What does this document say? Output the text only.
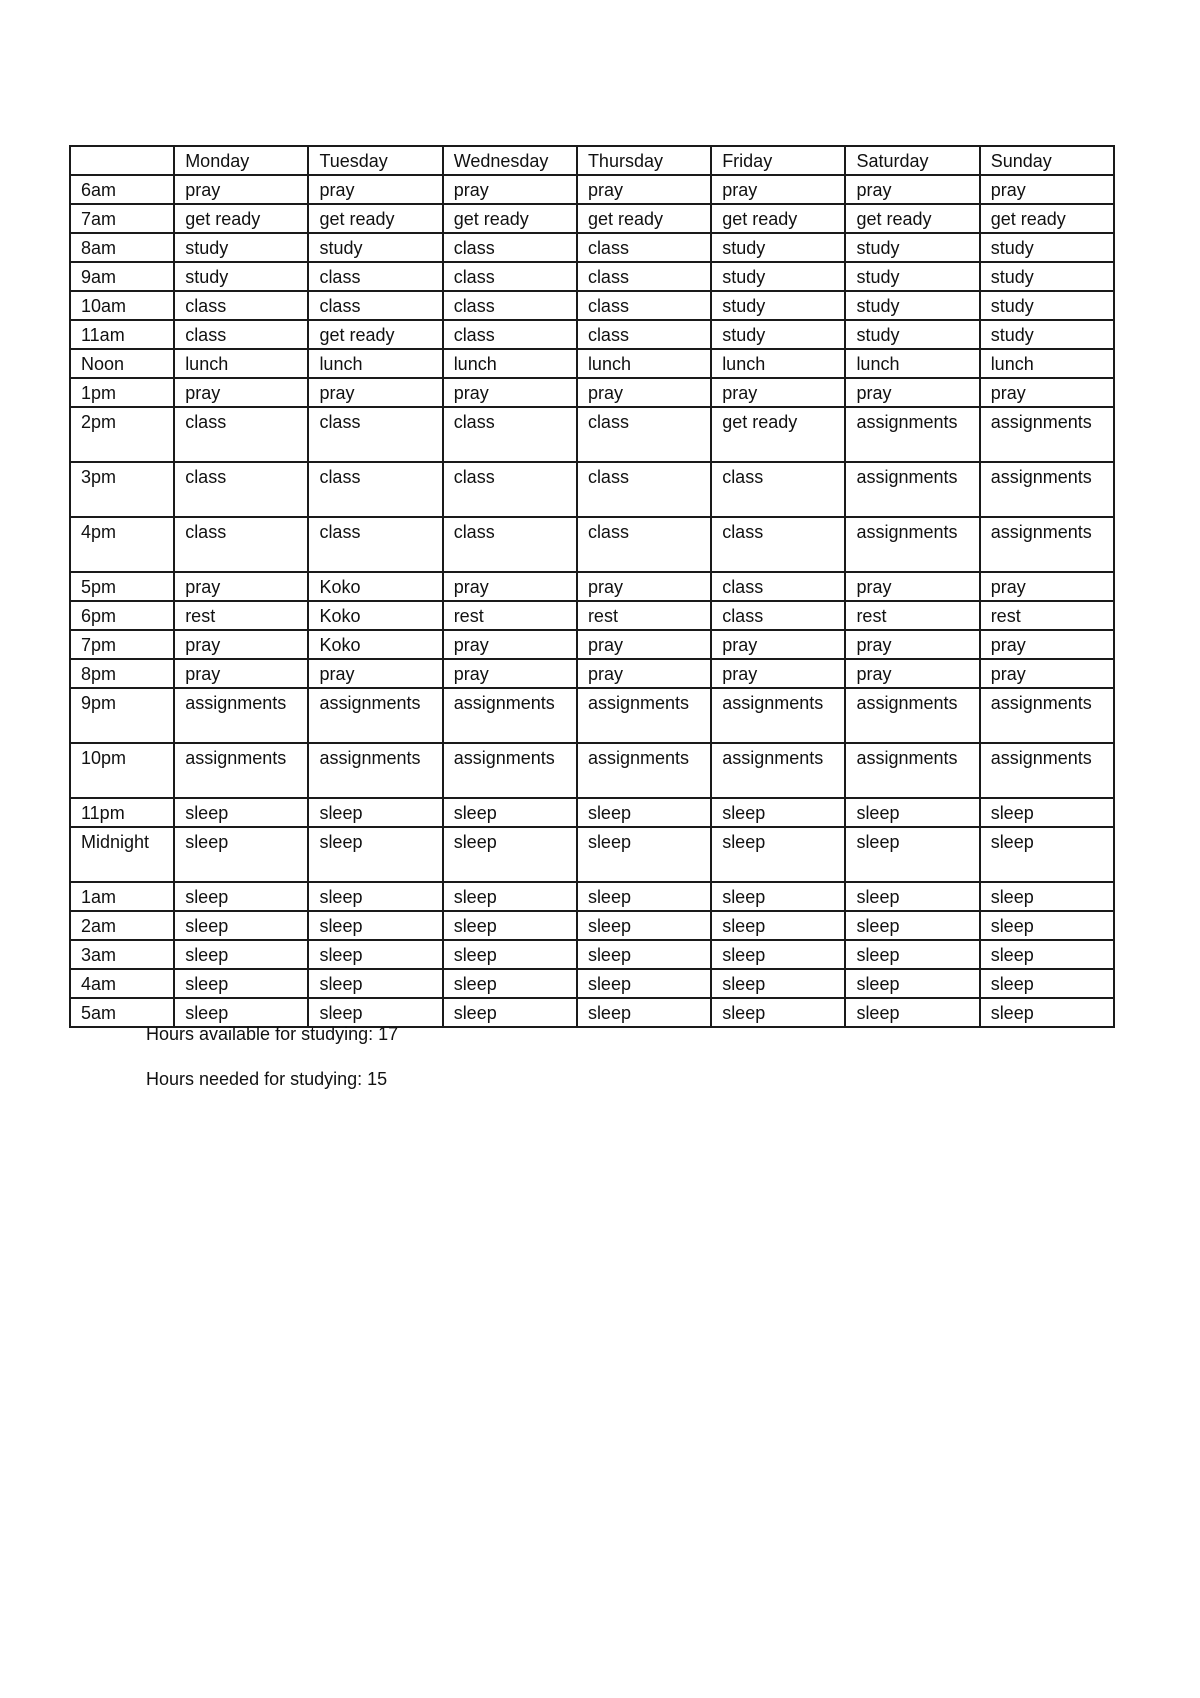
	Monday	Tuesday	Wednesday	Thursday	Friday	Saturday	Sunday
6am	pray	pray	pray	pray	pray	pray	pray
7am	get ready	get ready	get ready	get ready	get ready	get ready	get ready
8am	study	study	class	class	study	study	study
9am	study	class	class	class	study	study	study
10am	class	class	class	class	study	study	study
11am	class	get ready	class	class	study	study	study
Noon	lunch	lunch	lunch	lunch	lunch	lunch	lunch
1pm	pray	pray	pray	pray	pray	pray	pray
2pm	class	class	class	class	get ready	assignments	assignments
3pm	class	class	class	class	class	assignments	assignments
4pm	class	class	class	class	class	assignments	assignments
5pm	pray	Koko	pray	pray	class	pray	pray
6pm	rest	Koko	rest	rest	class	rest	rest
7pm	pray	Koko	pray	pray	pray	pray	pray
8pm	pray	pray	pray	pray	pray	pray	pray
9pm	assignments	assignments	assignments	assignments	assignments	assignments	assignments
10pm	assignments	assignments	assignments	assignments	assignments	assignments	assignments
11pm	sleep	sleep	sleep	sleep	sleep	sleep	sleep
Midnight	sleep	sleep	sleep	sleep	sleep	sleep	sleep
1am	sleep	sleep	sleep	sleep	sleep	sleep	sleep
2am	sleep	sleep	sleep	sleep	sleep	sleep	sleep
3am	sleep	sleep	sleep	sleep	sleep	sleep	sleep
4am	sleep	sleep	sleep	sleep	sleep	sleep	sleep
5am	sleep	sleep	sleep	sleep	sleep	sleep	sleep

Hours available for studying: 17

Hours needed for studying: 15
